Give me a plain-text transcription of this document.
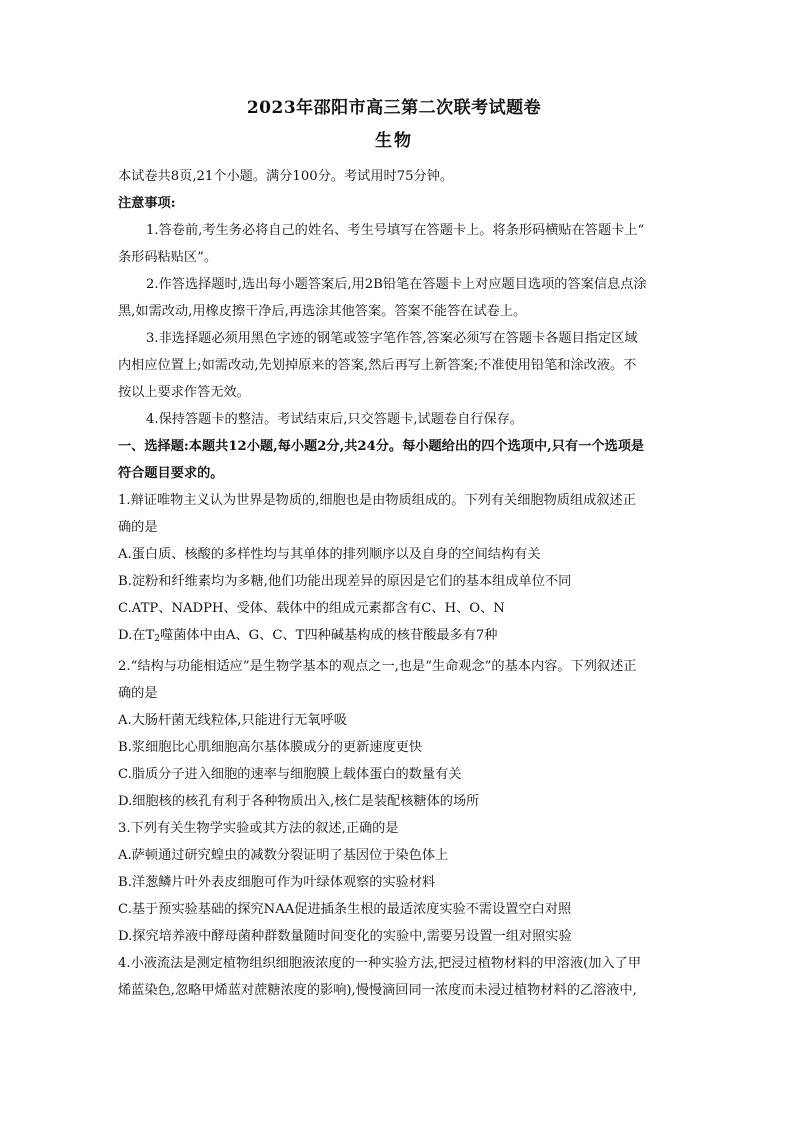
2023年邵阳市高三第二次联考试题卷

生物

本试卷共8页,21个小题。满分100分。考试用时75分钟。

注意事项:

1.答卷前,考生务必将自己的姓名、考生号填写在答题卡上。将条形码横贴在答题卡上“

条形码粘贴区”。

2.作答选择题时,选出每小题答案后,用2B铅笔在答题卡上对应题目选项的答案信息点涂

黑,如需改动,用橡皮擦干净后,再选涂其他答案。答案不能答在试卷上。

3.非选择题必须用黑色字迹的钢笔或签字笔作答,答案必须写在答题卡各题目指定区域

内相应位置上;如需改动,先划掉原来的答案,然后再写上新答案;不准使用铅笔和涂改液。不

按以上要求作答无效。

4.保持答题卡的整洁。考试结束后,只交答题卡,试题卷自行保存。

一、选择题:本题共12小题,每小题2分,共24分。每小题给出的四个选项中,只有一个选项是

符合题目要求的。

1.辩证唯物主义认为世界是物质的,细胞也是由物质组成的。下列有关细胞物质组成叙述正

确的是

A.蛋白质、核酸的多样性均与其单体的排列顺序以及自身的空间结构有关

B.淀粉和纤维素均为多糖,他们功能出现差异的原因是它们的基本组成单位不同

C.ATP、NADPH、受体、载体中的组成元素都含有C、H、O、N

D.在$T_2$噬菌体中由A、G、C、T四种碱基构成的核苷酸最多有7种

2.“结构与功能相适应”是生物学基本的观点之一,也是“生命观念”的基本内容。下列叙述正

确的是

A.大肠杆菌无线粒体,只能进行无氧呼吸

B.浆细胞比心肌细胞高尔基体膜成分的更新速度更快

C.脂质分子进入细胞的速率与细胞膜上载体蛋白的数量有关

D.细胞核的核孔有利于各种物质出入,核仁是装配核糖体的场所

3.下列有关生物学实验或其方法的叙述,正确的是

A.萨顿通过研究蝗虫的减数分裂证明了基因位于染色体上

B.洋葱鳞片叶外表皮细胞可作为叶绿体观察的实验材料

C.基于预实验基础的探究NAA促进插条生根的最适浓度实验不需设置空白对照

D.探究培养液中酵母菌种群数量随时间变化的实验中,需要另设置一组对照实验

4.小液流法是测定植物组织细胞液浓度的一种实验方法,把浸过植物材料的甲溶液(加入了甲

烯蓝染色,忽略甲烯蓝对蔗糖浓度的影响),慢慢滴回同一浓度而未浸过植物材料的乙溶液中,
